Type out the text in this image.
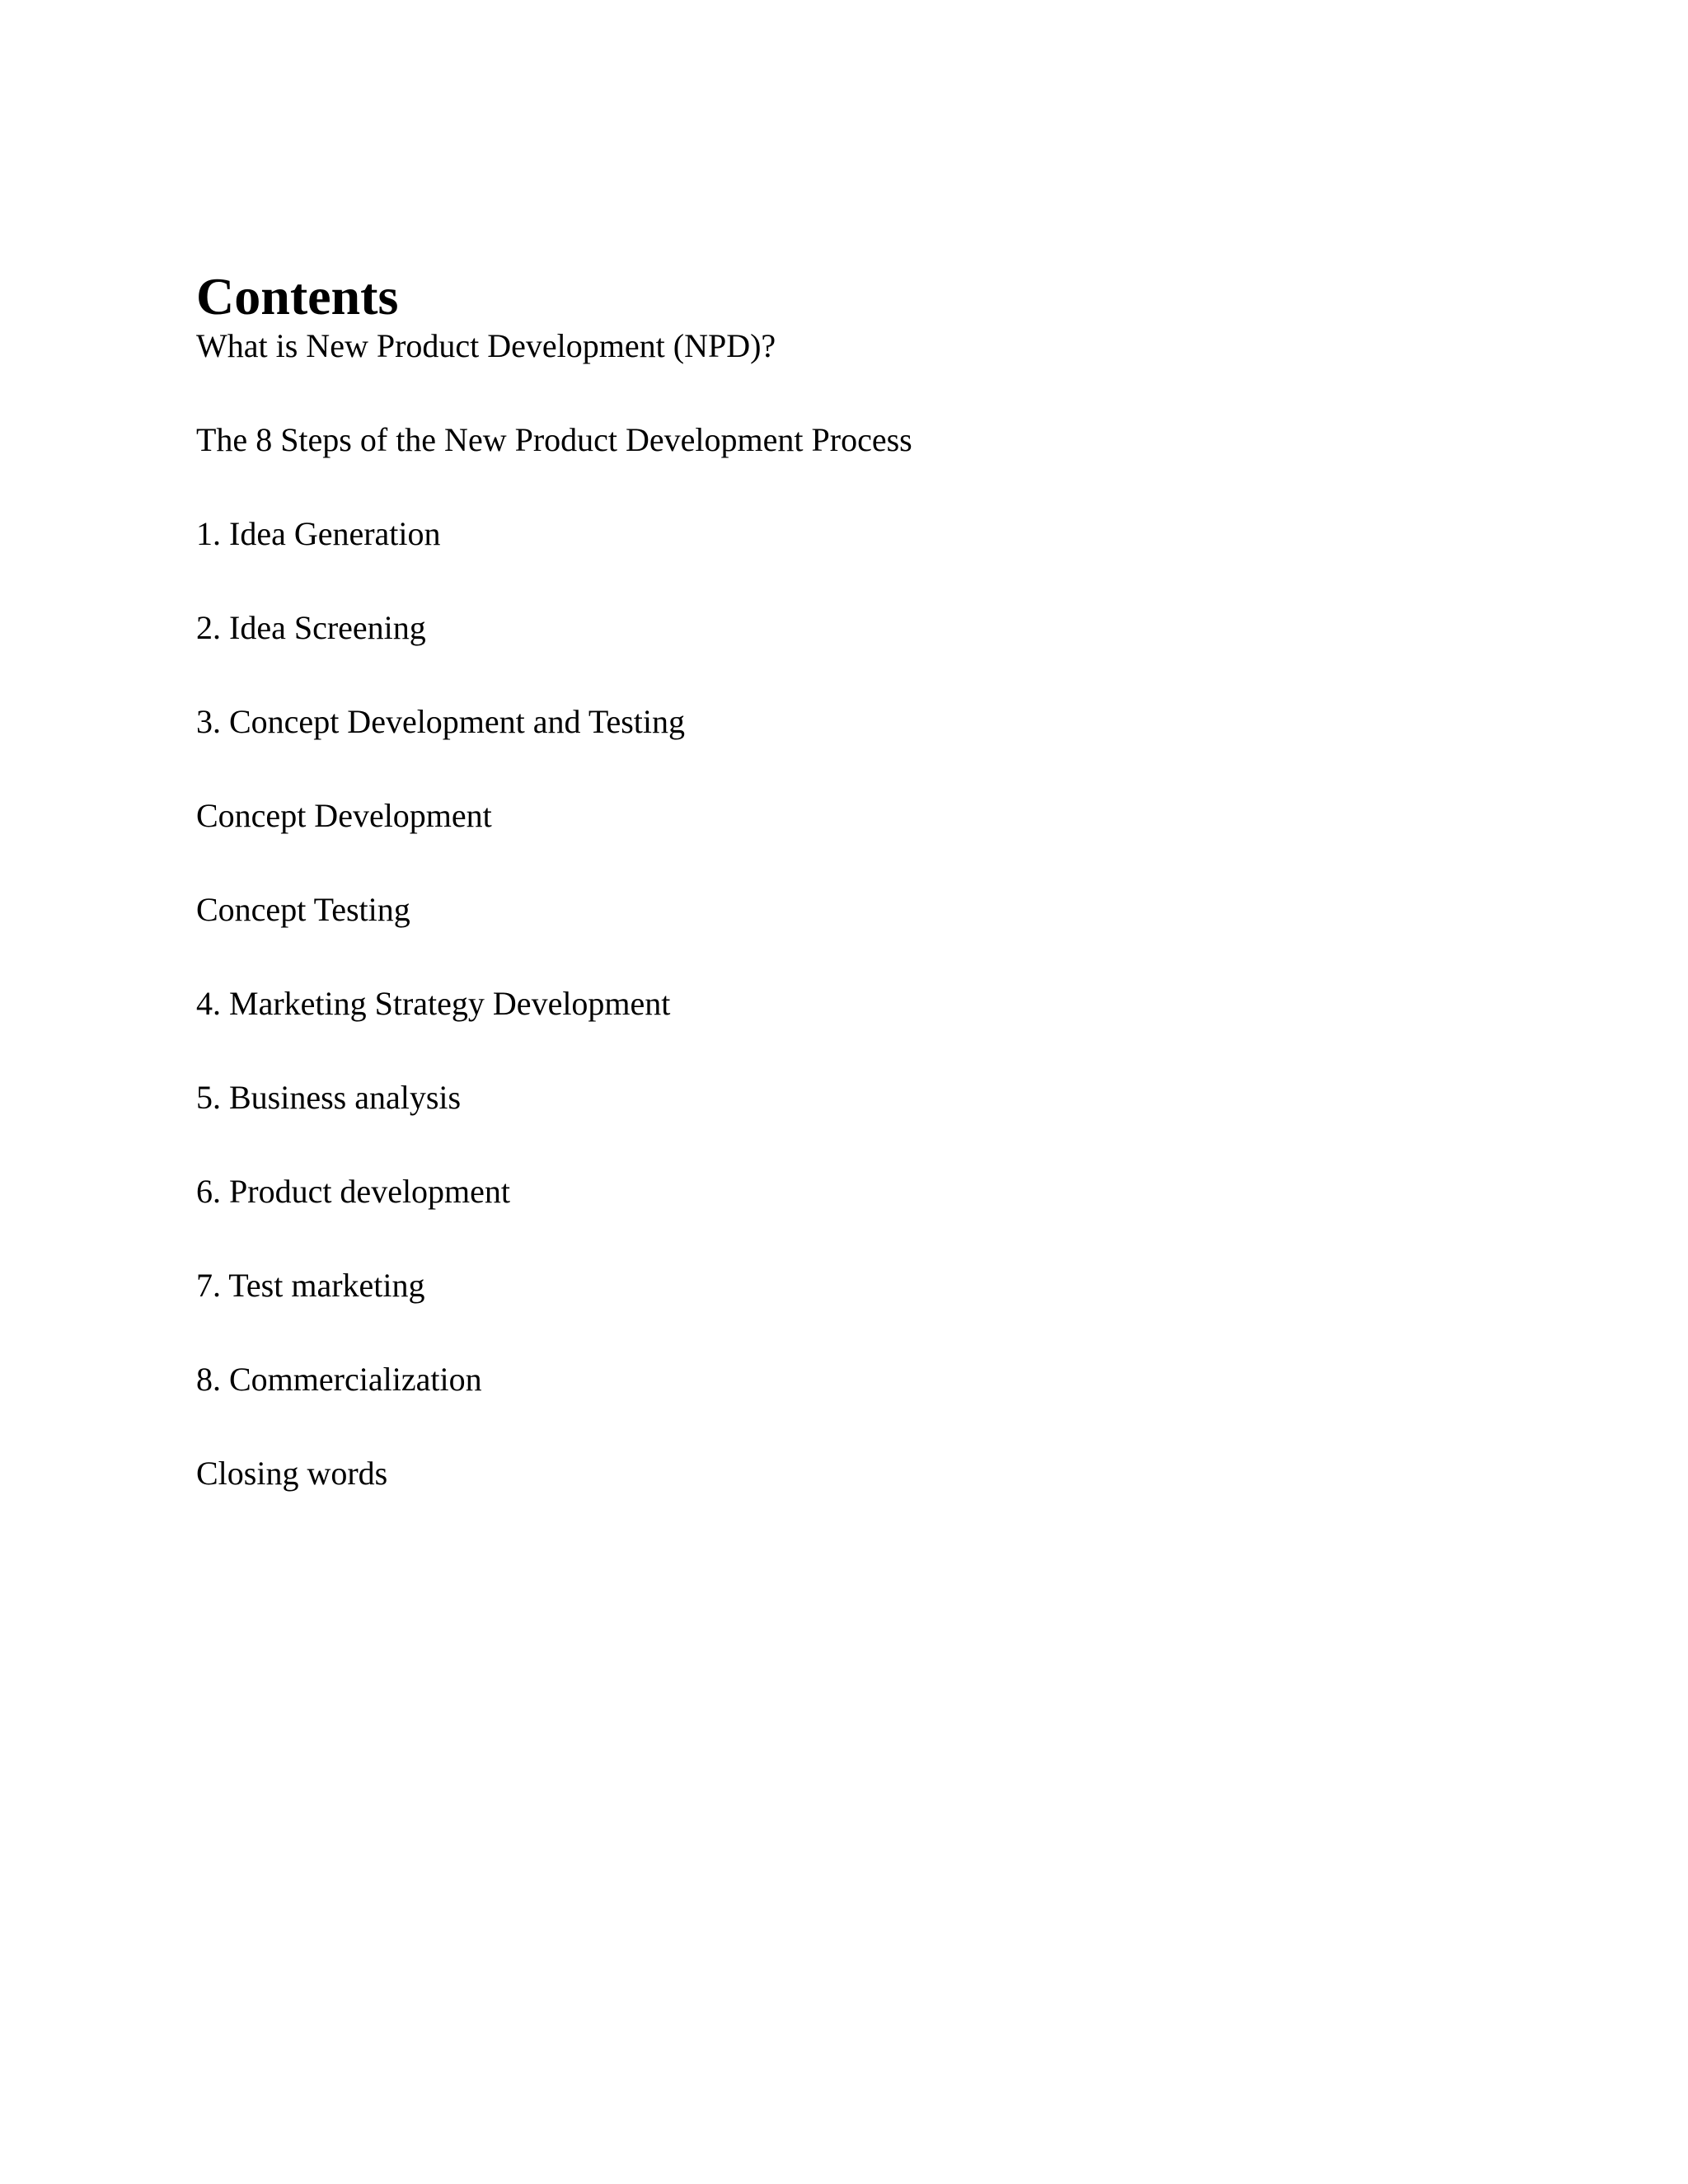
Contents

What is New Product Development (NPD)?

The 8 Steps of the New Product Development Process

1. Idea Generation

2. Idea Screening

3. Concept Development and Testing

Concept Development

Concept Testing

4. Marketing Strategy Development

5. Business analysis

6. Product development

7. Test marketing

8. Commercialization

Closing words
